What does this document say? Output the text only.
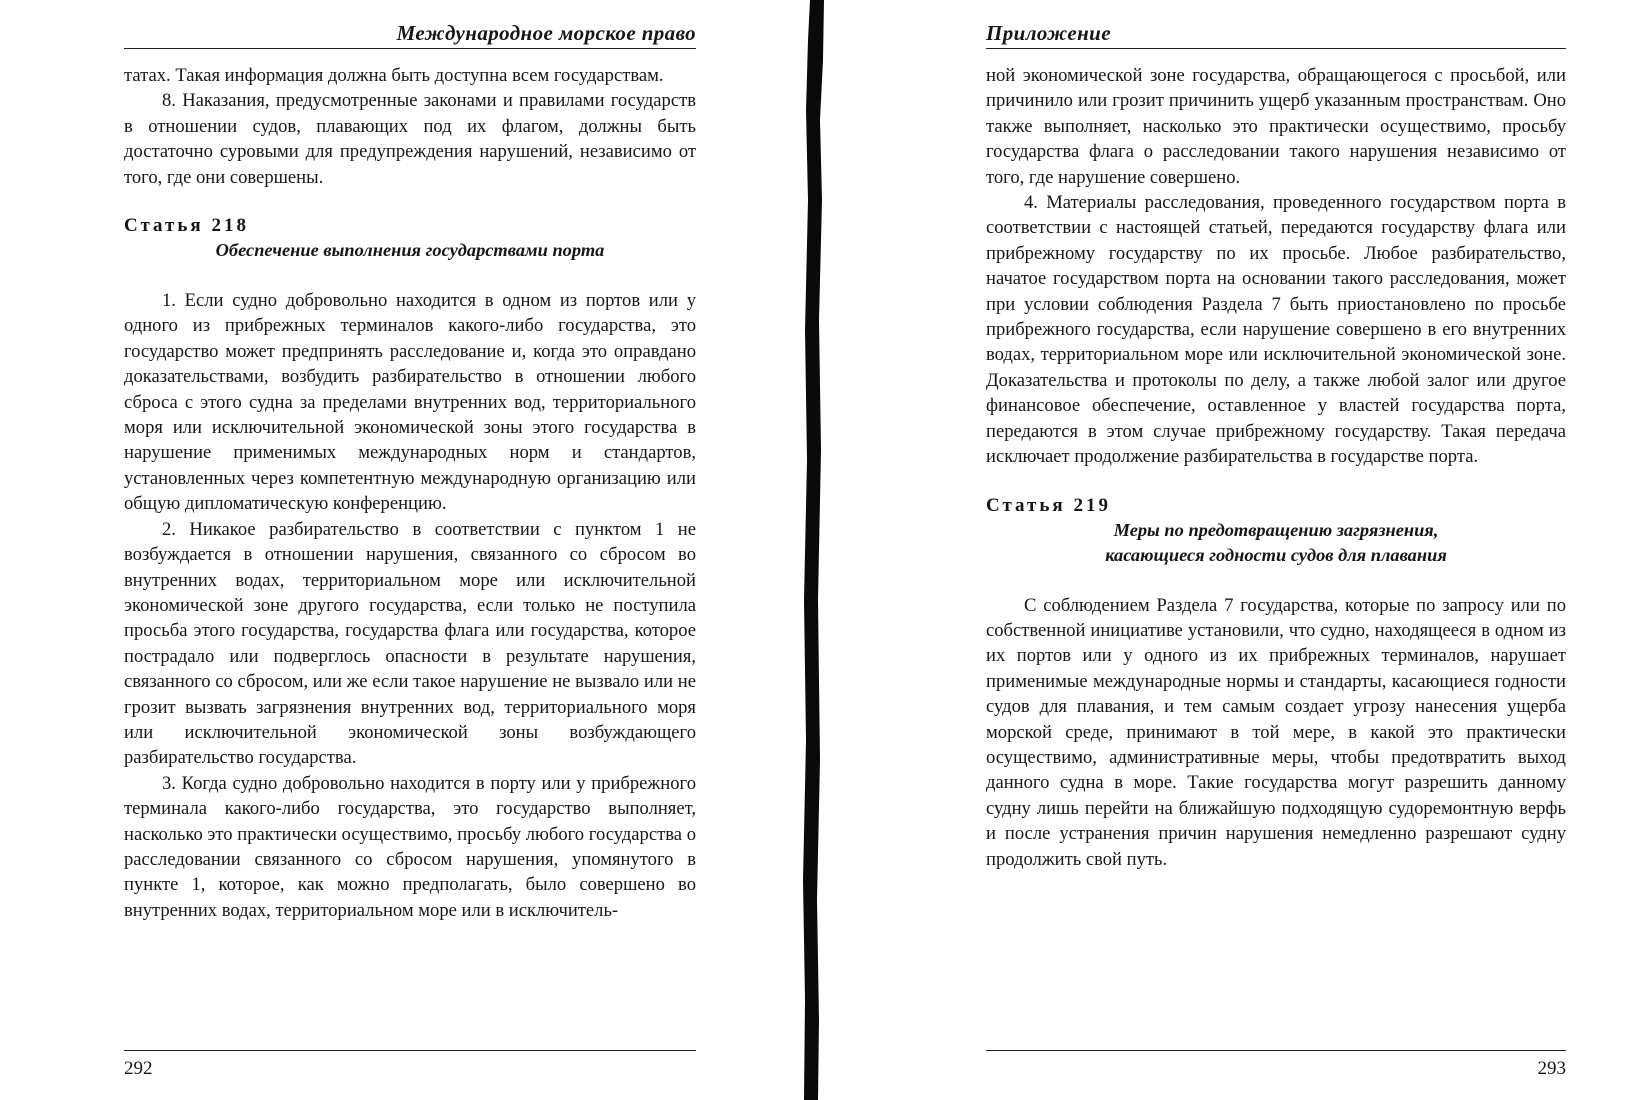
Международное морское право

татах. Такая информация должна быть доступна всем государствам.

8. Наказания, предусмотренные законами и правилами государств в отношении судов, плавающих под их флагом, должны быть достаточно суровыми для предупреждения нарушений, независимо от того, где они совершены.

Статья 218
Обеспечение выполнения государствами порта

1. Если судно добровольно находится в одном из портов или у одного из прибрежных терминалов какого-либо государства, это государство может предпринять расследование и, когда это оправдано доказательствами, возбудить разбирательство в отношении любого сброса с этого судна за пределами внутренних вод, территориального моря или исключительной экономической зоны этого государства в нарушение применимых международных норм и стандартов, установленных через компетентную международную организацию или общую дипломатическую конференцию.

2. Никакое разбирательство в соответствии с пунктом 1 не возбуждается в отношении нарушения, связанного со сбросом во внутренних водах, территориальном море или исключительной экономической зоне другого государства, если только не поступила просьба этого государства, государства флага или государства, которое пострадало или подверглось опасности в результате нарушения, связанного со сбросом, или же если такое нарушение не вызвало или не грозит вызвать загрязнения внутренних вод, территориального моря или исключительной экономической зоны возбуждающего разбирательство государства.

3. Когда судно добровольно находится в порту или у прибрежного терминала какого-либо государства, это государство выполняет, насколько это практически осуществимо, просьбу любого государства о расследовании связанного со сбросом нарушения, упомянутого в пункте 1, которое, как можно предполагать, было совершено во внутренних водах, территориальном море или в исключитель-

292
Приложение

ной экономической зоне государства, обращающегося с просьбой, или причинило или грозит причинить ущерб указанным пространствам. Оно также выполняет, насколько это практически осуществимо, просьбу государства флага о расследовании такого нарушения независимо от того, где нарушение совершено.

4. Материалы расследования, проведенного государством порта в соответствии с настоящей статьей, передаются государству флага или прибрежному государству по их просьбе. Любое разбирательство, начатое государством порта на основании такого расследования, может при условии соблюдения Раздела 7 быть приостановлено по просьбе прибрежного государства, если нарушение совершено в его внутренних водах, территориальном море или исключительной экономической зоне. Доказательства и протоколы по делу, а также любой залог или другое финансовое обеспечение, оставленное у властей государства порта, передаются в этом случае прибрежному государству. Такая передача исключает продолжение разбирательства в государстве порта.

Статья 219
Меры по предотвращению загрязнения,
касающиеся годности судов для плавания

С соблюдением Раздела 7 государства, которые по запросу или по собственной инициативе установили, что судно, находящееся в одном из их портов или у одного из их прибрежных терминалов, нарушает применимые международные нормы и стандарты, касающиеся годности судов для плавания, и тем самым создает угрозу нанесения ущерба морской среде, принимают в той мере, в какой это практически осуществимо, административные меры, чтобы предотвратить выход данного судна в море. Такие государства могут разрешить данному судну лишь перейти на ближайшую подходящую судоремонтную верфь и после устранения причин нарушения немедленно разрешают судну продолжить свой путь.

293
